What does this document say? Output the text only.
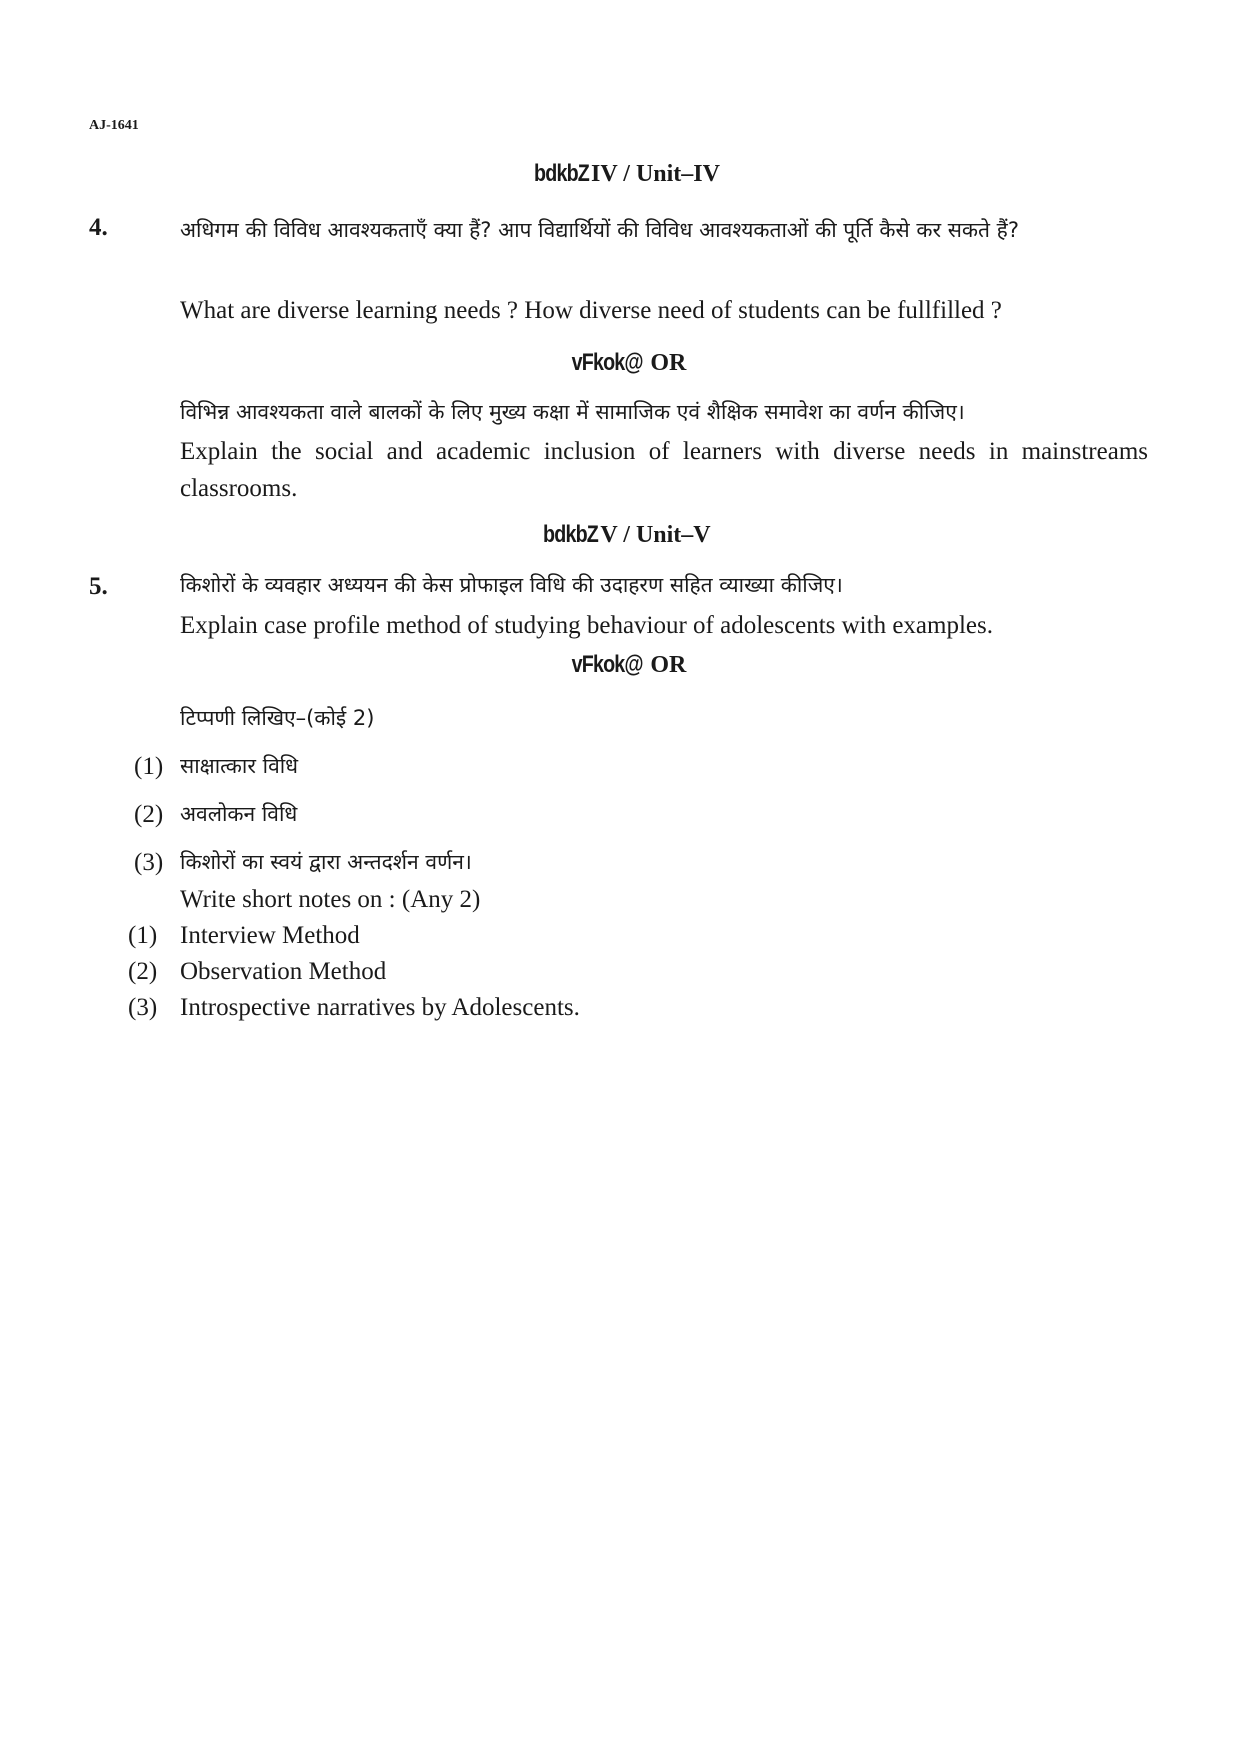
AJ-1641
bdkbZIV / Unit–IV
4.	अधिगम की विविध आवश्यकताएँ क्या हैं? आप विद्यार्थियों की विविध आवश्यकताओं की पूर्ति कैसे कर सकते हैं?
What are diverse learning needs ? How diverse need of students can be fullfilled ?
vFkok@ OR
विभिन्न आवश्यकता वाले बालकों के लिए मुख्य कक्षा में सामाजिक एवं शैक्षिक समावेश का वर्णन कीजिए।
Explain the social and academic inclusion of learners with diverse needs in mainstreams classrooms.
bdkbZV / Unit–V
5.	किशोरों के व्यवहार अध्ययन की केस प्रोफाइल विधि की उदाहरण सहित व्याख्या कीजिए।
Explain case profile method of studying behaviour of adolescents with examples.
vFkok@ OR
टिप्पणी लिखिए–(कोई 2)
(1) साक्षात्कार विधि
(2) अवलोकन विधि
(3) किशोरों का स्वयं द्वारा अन्तदर्शन वर्णन।
Write short notes on : (Any 2)
(1) Interview Method
(2) Observation Method
(3) Introspective narratives by Adolescents.
